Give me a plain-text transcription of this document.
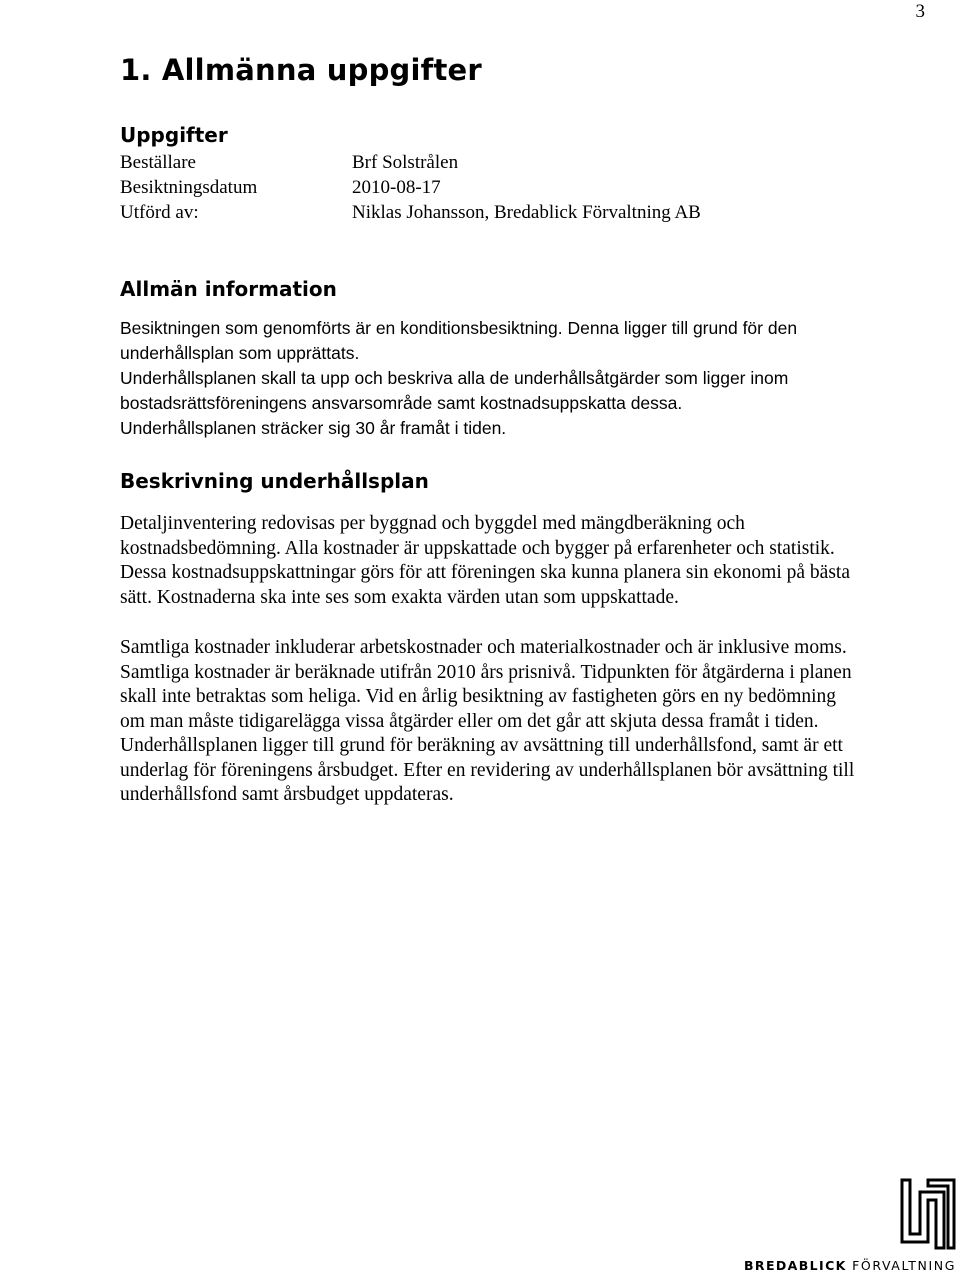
3
1. Allmänna uppgifter
Uppgifter
Beställare	Brf Solstrålen
Besiktningsdatum	2010-08-17
Utförd av:	Niklas Johansson, Bredablick Förvaltning AB
Allmän information
Besiktningen som genomförts är en konditionsbesiktning. Denna ligger till grund för den
underhållsplan som upprättats.
Underhållsplanen skall ta upp och beskriva alla de underhållsåtgärder som ligger inom
bostadsrättsföreningens ansvarsområde samt kostnadsuppskatta dessa.
Underhållsplanen sträcker sig 30 år framåt i tiden.
Beskrivning underhållsplan
Detaljinventering redovisas per byggnad och byggdel med mängdberäkning och
kostnadsbedömning. Alla kostnader är uppskattade och bygger på erfarenheter och statistik.
Dessa kostnadsuppskattningar görs för att föreningen ska kunna planera sin ekonomi på bästa
sätt. Kostnaderna ska inte ses som exakta värden utan som uppskattade.
Samtliga kostnader inkluderar arbetskostnader och materialkostnader och är inklusive moms.
Samtliga kostnader är beräknade utifrån 2010 års prisnivå. Tidpunkten för åtgärderna i planen
skall inte betraktas som heliga. Vid en årlig besiktning av fastigheten görs en ny bedömning
om man måste tidigarelägga vissa åtgärder eller om det går att skjuta dessa framåt i tiden.
Underhållsplanen ligger till grund för beräkning av avsättning till underhållsfond, samt är ett
underlag för föreningens årsbudget. Efter en revidering av underhållsplanen bör avsättning till
underhållsfond samt årsbudget uppdateras.
BREDABLICK FÖRVALTNING
